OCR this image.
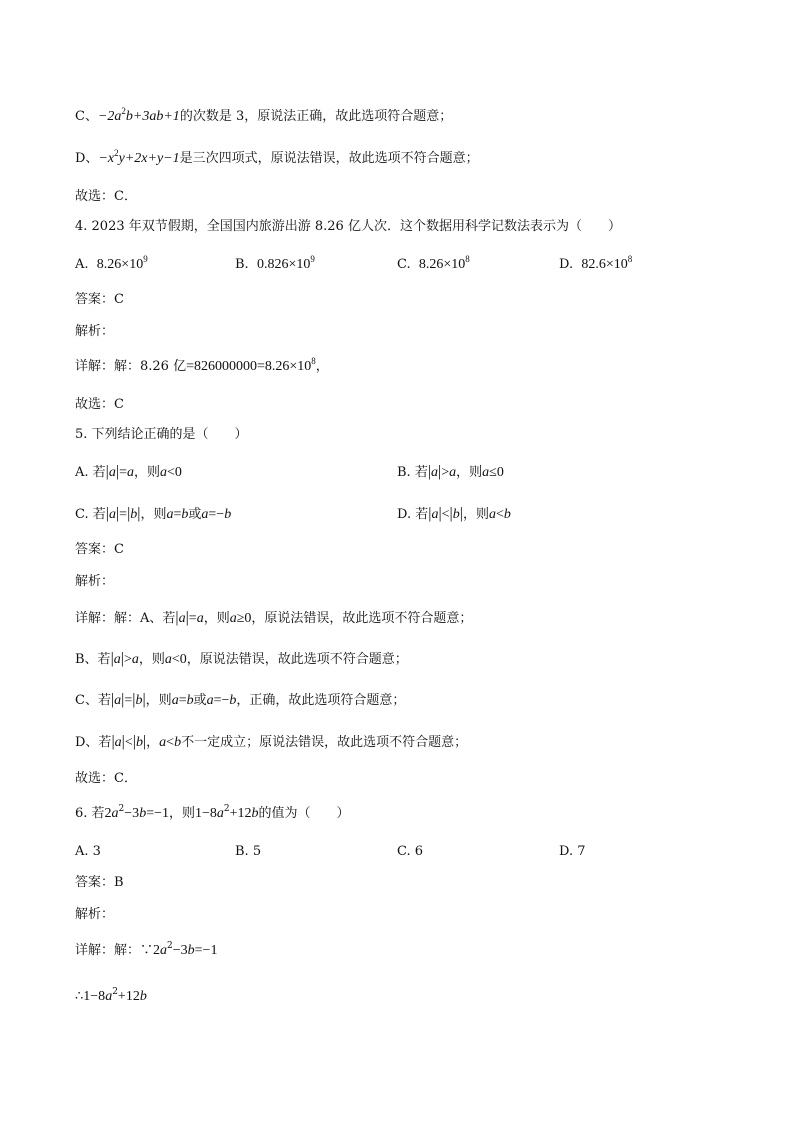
C、$-2a^2b+3ab+1$的次数是 3，原说法正确，故此选项符合题意；
D、$-x^2y+2x+y-1$是三次四项式，原说法错误，故此选项不符合题意；
故选：C．
4. 2023 年双节假期，全国国内旅游出游 8.26 亿人次．这个数据用科学记数法表示为（　　）
A.  $8.26\times 10^9$	B.  $0.826\times 10^9$	C.  $8.26\times 10^8$	D.  $82.6\times 10^8$
答案：C
解析：
详解：解：8.26 亿$=826000000=8.26\times 10^8$，
故选：C
5. 下列结论正确的是（　　）
A. 若|a|=a，则a<0	B. 若|a|>a，则a≤0
C. 若|a|=|b|，则a=b或a=−b	D. 若|a|<|b|，则a<b
答案：C
解析：
详解：解：A、若|a|=a，则a≥0，原说法错误，故此选项不符合题意；
B、若|a|>a，则a<0，原说法错误，故此选项不符合题意；
C、若|a|=|b|，则a=b或a=−b，正确，故此选项符合题意；
D、若|a|<|b|，a<b不一定成立；原说法错误，故此选项不符合题意；
故选：C．
6. 若$2a^2-3b=-1$，则$1-8a^2+12b$的值为（　　）
A. 3	B. 5	C. 6	D. 7
答案：B
解析：
详解：解：$\because 2a^2-3b=-1$
$\therefore 1-8a^2+12b$
